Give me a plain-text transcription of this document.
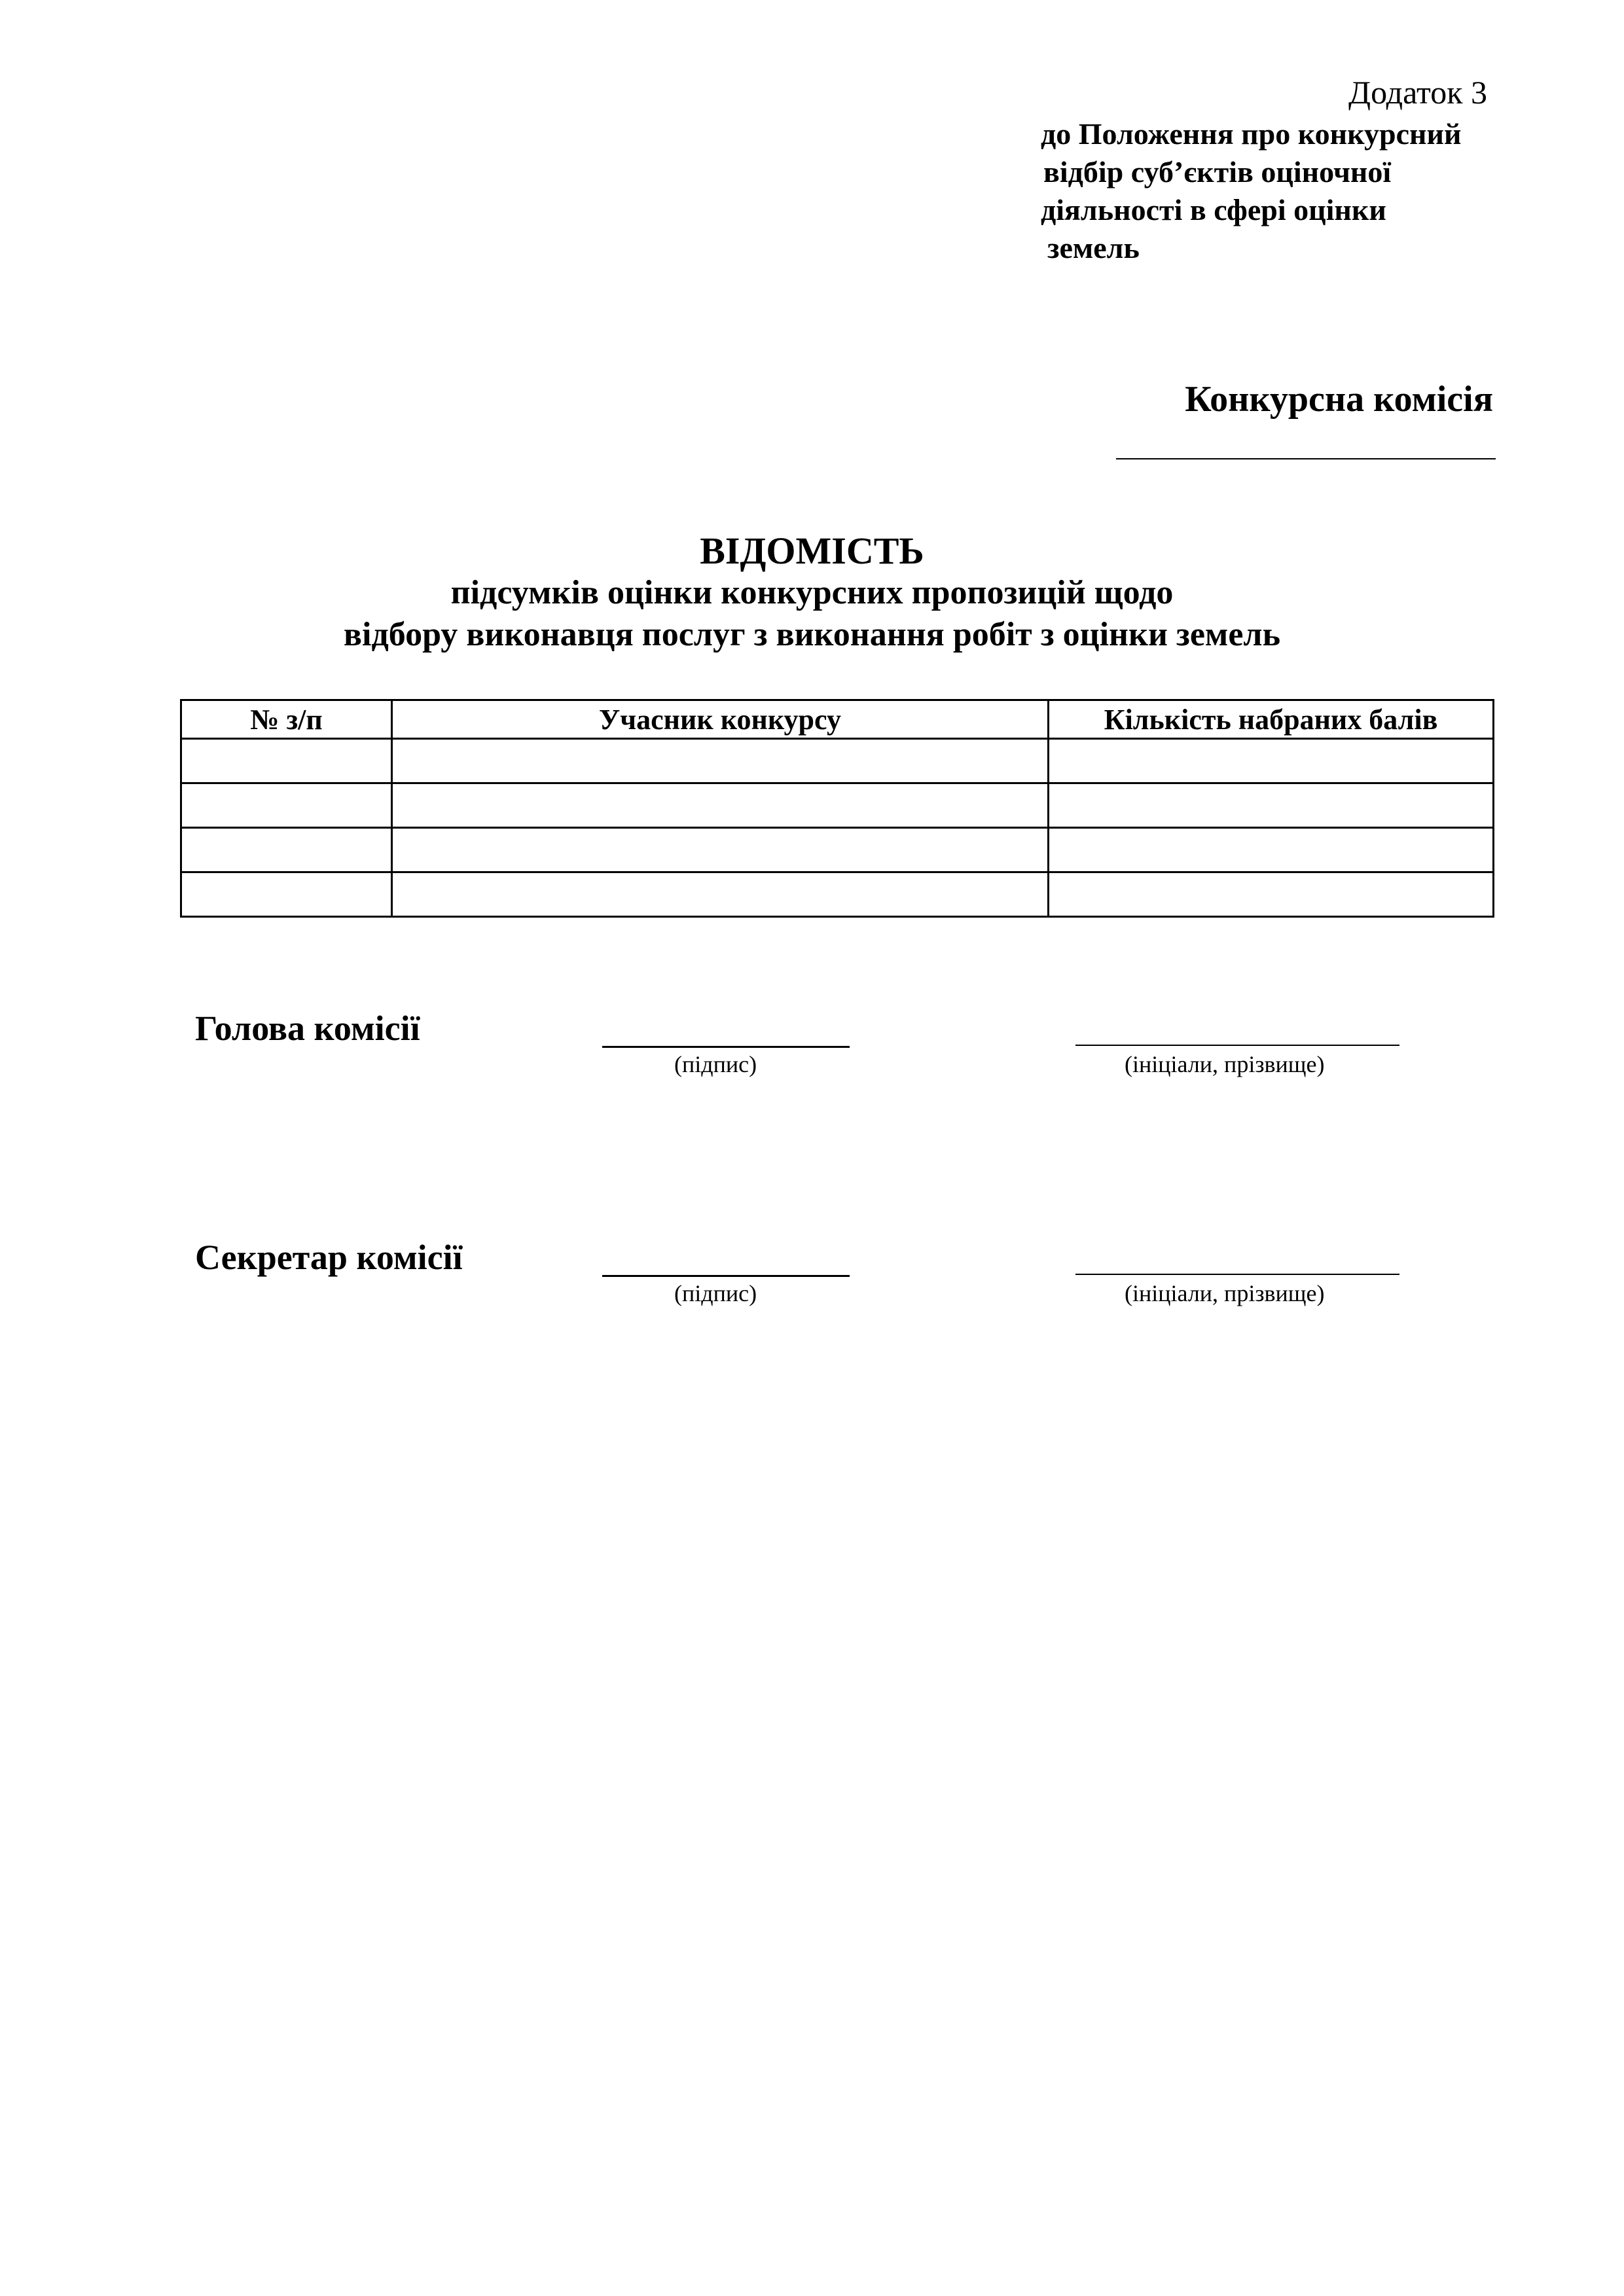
Додаток 3
до Положення про конкурсний
відбір суб’єктів оціночної
діяльності в сфері оцінки
земель
Конкурсна комісія
ВІДОМІСТЬ
підсумків оцінки конкурсних пропозицій щодо
відбору виконавця послуг з виконання робіт з оцінки земель
№ з/п	Учасник конкурсу	Кількість набраних балів

Голова комісії
(підпис)	(ініціали, прізвище)
Секретар комісії
(підпис)	(ініціали, прізвище)
